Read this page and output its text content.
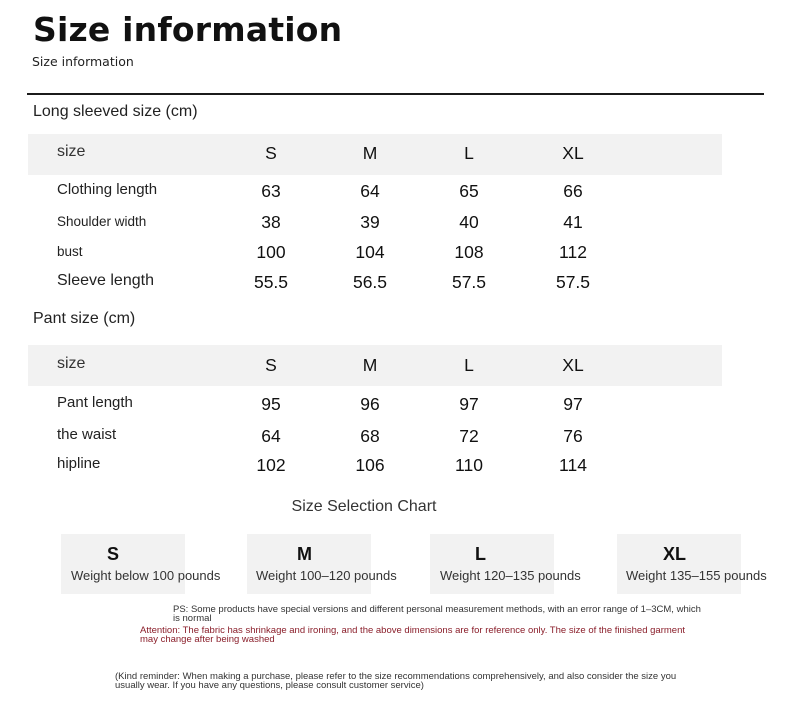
Size information
Size information
Long sleeved size (cm)
size	S	M	L	XL
Clothing length	63	64	65	66
Shoulder width	38	39	40	41
bust	100	104	108	112
Sleeve length	55.5	56.5	57.5	57.5
Pant size (cm)
size	S	M	L	XL
Pant length	95	96	97	97
the waist	64	68	72	76
hipline	102	106	110	114
Size Selection Chart
S
Weight below 100 pounds
M
Weight 100–120 pounds
L
Weight 120–135 pounds
XL
Weight 135–155 pounds
PS: Some products have special versions and different personal measurement methods, with an error range of 1–3CM, which
is normal
Attention: The fabric has shrinkage and ironing, and the above dimensions are for reference only. The size of the finished garment
may change after being washed
(Kind reminder: When making a purchase, please refer to the size recommendations comprehensively, and also consider the size you
usually wear. If you have any questions, please consult customer service)
